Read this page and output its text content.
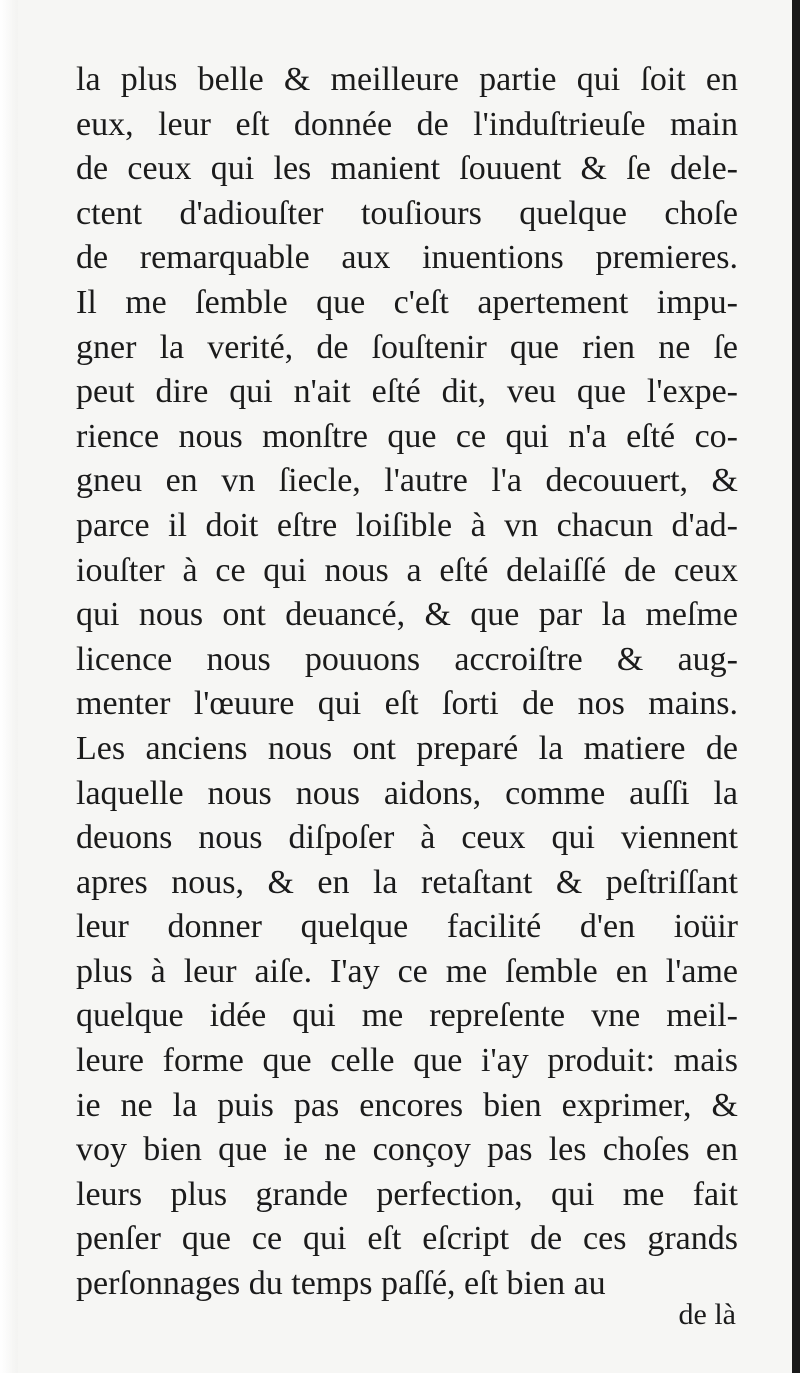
la plus belle & meilleure partie qui ſoit en
eux, leur eſt donnée de l'induſtrieuſe main
de ceux qui les manient ſouuent & ſe dele-
ctent d'adiouſter touſiours quelque choſe
de remarquable aux inuentions premieres.
Il me ſemble que c'eſt apertement impu-
gner la verité, de ſouſtenir que rien ne ſe
peut dire qui n'ait eſté dit, veu que l'expe-
rience nous monſtre que ce qui n'a eſté co-
gneu en vn ſiecle, l'autre l'a decouuert, &
parce il doit eſtre loiſible à vn chacun d'ad-
iouſter à ce qui nous a eſté delaiſſé de ceux
qui nous ont deuancé, & que par la meſme
licence nous pouuons accroiſtre & aug-
menter l'œuure qui eſt ſorti de nos mains.
Les anciens nous ont preparé la matiere de
laquelle nous nous aidons, comme auſſi la
deuons nous diſpoſer à ceux qui viennent
apres nous, & en la retaſtant & peſtriſſant
leur donner quelque facilité d'en ioüir
plus à leur aiſe. I'ay ce me ſemble en l'ame
quelque idée qui me repreſente vne meil-
leure forme que celle que i'ay produit: mais
ie ne la puis pas encores bien exprimer, &
voy bien que ie ne conçoy pas les choſes en
leurs plus grande perfection, qui me fait
penſer que ce qui eſt eſcript de ces grands
perſonnages du temps paſſé, eſt bien au
de là
